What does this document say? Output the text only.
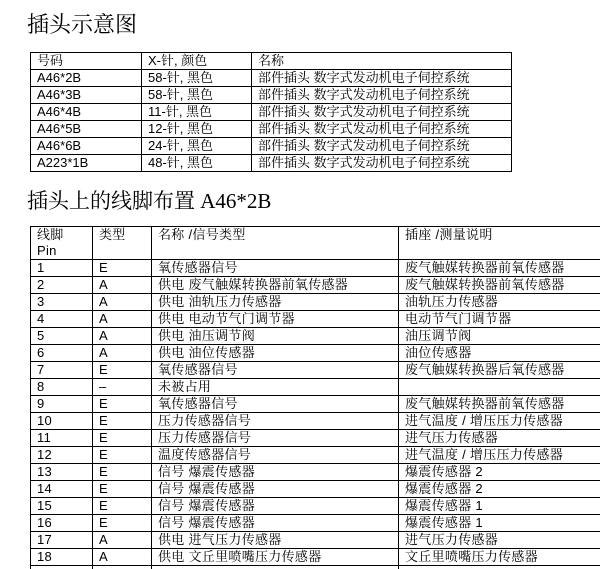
插头示意图
号码	X-针, 颜色	名称
A46*2B	58-针, 黑色	部件插头 数字式发动机电子伺控系统
A46*3B	58-针, 黑色	部件插头 数字式发动机电子伺控系统
A46*4B	11-针, 黑色	部件插头 数字式发动机电子伺控系统
A46*5B	12-针, 黑色	部件插头 数字式发动机电子伺控系统
A46*6B	24-针, 黑色	部件插头 数字式发动机电子伺控系统
A223*1B	48-针, 黑色	部件插头 数字式发动机电子伺控系统
插头上的线脚布置 A46*2B
线脚
Pin
类型	名称 /信号类型	插座 /测量说明
1	E	氧传感器信号	废气触媒转换器前氧传感器
2	A	供电 废气触媒转换器前氧传感器	废气触媒转换器前氧传感器
3	A	供电 油轨压力传感器	油轨压力传感器
4	A	供电 电动节气门调节器	电动节气门调节器
5	A	供电 油压调节阀	油压调节阀
6	A	供电 油位传感器	油位传感器
7	E	氧传感器信号	废气触媒转换器后氧传感器
8	–	未被占用
9	E	氧传感器信号	废气触媒转换器前氧传感器
10	E	压力传感器信号	进气温度 / 增压压力传感器
11	E	压力传感器信号	进气压力传感器
12	E	温度传感器信号	进气温度 / 增压压力传感器
13	E	信号 爆震传感器	爆震传感器 2
14	E	信号 爆震传感器	爆震传感器 2
15	E	信号 爆震传感器	爆震传感器 1
16	E	信号 爆震传感器	爆震传感器 1
17	A	供电 进气压力传感器	进气压力传感器
18	A	供电 文丘里喷嘴压力传感器	文丘里喷嘴压力传感器
